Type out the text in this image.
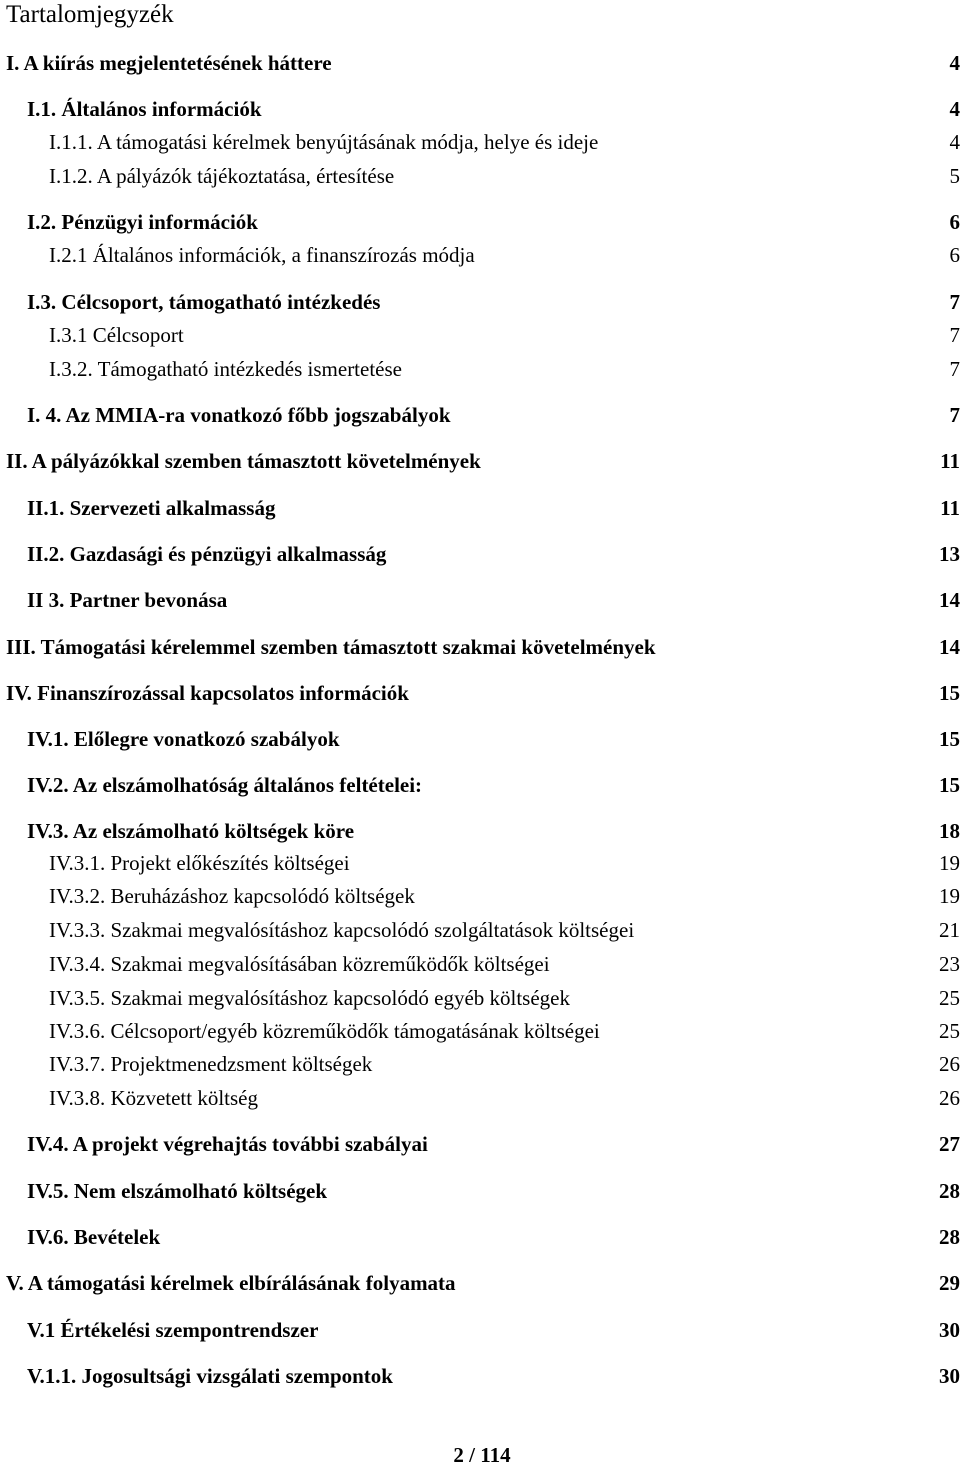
Tartalomjegyzék
I. A kiírás megjelentetésének háttere	4
I.1. Általános információk	4
I.1.1. A támogatási kérelmek benyújtásának módja, helye és ideje	4
I.1.2. A pályázók tájékoztatása, értesítése	5
I.2. Pénzügyi információk	6
I.2.1 Általános információk, a finanszírozás módja	6
I.3. Célcsoport, támogatható intézkedés	7
I.3.1 Célcsoport	7
I.3.2. Támogatható intézkedés ismertetése	7
I. 4. Az MMIA-ra vonatkozó főbb jogszabályok	7
II. A pályázókkal szemben támasztott követelmények	11
II.1. Szervezeti alkalmasság	11
II.2. Gazdasági és pénzügyi alkalmasság	13
II 3. Partner bevonása	14
III. Támogatási kérelemmel szemben támasztott szakmai követelmények	14
IV. Finanszírozással kapcsolatos információk	15
IV.1. Előlegre vonatkozó szabályok	15
IV.2. Az elszámolhatóság általános feltételei:	15
IV.3. Az elszámolható költségek köre	18
IV.3.1. Projekt előkészítés költségei	19
IV.3.2. Beruházáshoz kapcsolódó költségek	19
IV.3.3. Szakmai megvalósításhoz kapcsolódó szolgáltatások költségei	21
IV.3.4. Szakmai megvalósításában közreműködők költségei	23
IV.3.5. Szakmai megvalósításhoz kapcsolódó egyéb költségek	25
IV.3.6. Célcsoport/egyéb közreműködők támogatásának költségei	25
IV.3.7. Projektmenedzsment költségek	26
IV.3.8. Közvetett költség	26
IV.4. A projekt végrehajtás további szabályai	27
IV.5. Nem elszámolható költségek	28
IV.6. Bevételek	28
V. A támogatási kérelmek elbírálásának folyamata	29
V.1 Értékelési szempontrendszer	30
V.1.1. Jogosultsági vizsgálati szempontok	30
2 / 114
